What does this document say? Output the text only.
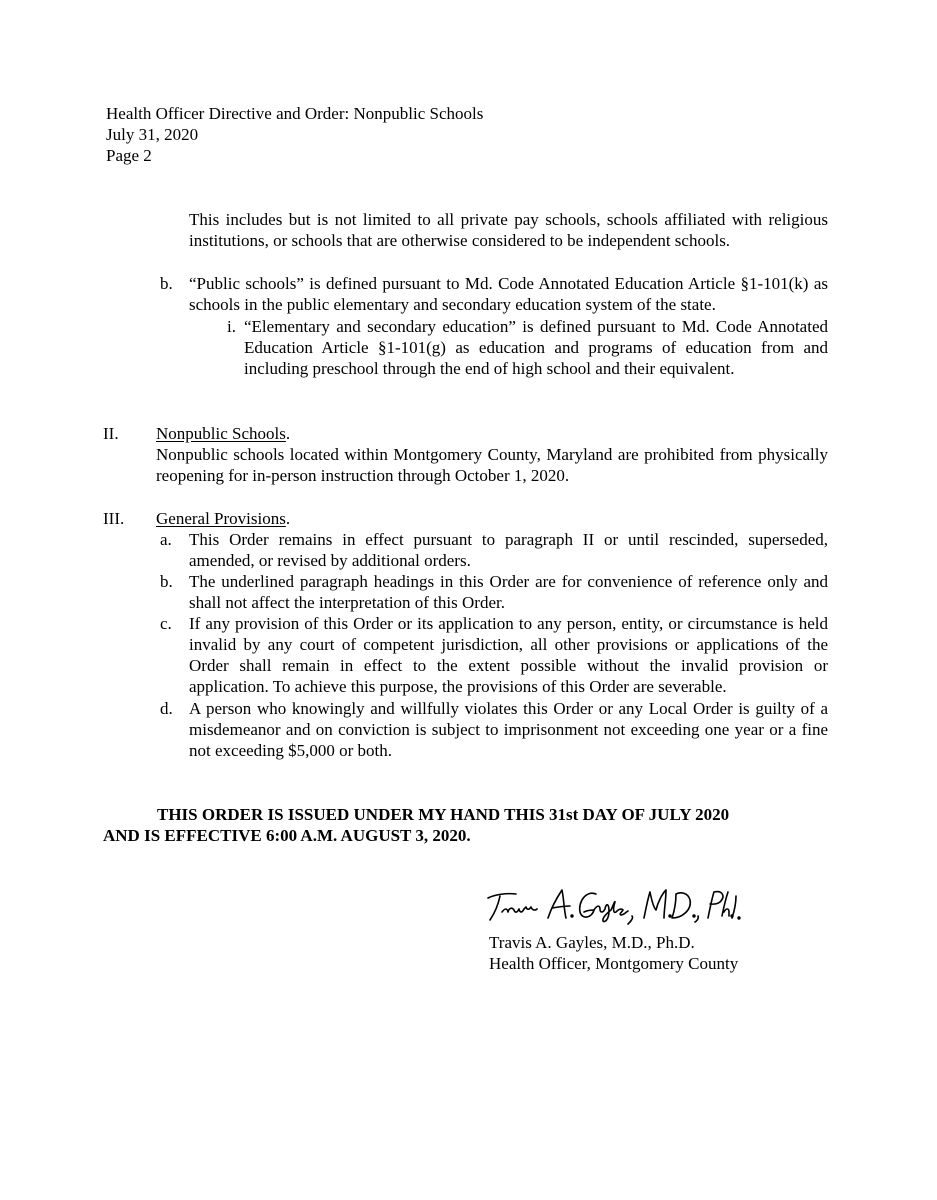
Health Officer Directive and Order: Nonpublic Schools
July 31, 2020
Page 2
This includes but is not limited to all private pay schools, schools affiliated with religious institutions, or schools that are otherwise considered to be independent schools.
b. “Public schools” is defined pursuant to Md. Code Annotated Education Article §1-101(k) as schools in the public elementary and secondary education system of the state.
i. “Elementary and secondary education” is defined pursuant to Md. Code Annotated Education Article §1-101(g) as education and programs of education from and including preschool through the end of high school and their equivalent.
II. Nonpublic Schools.
Nonpublic schools located within Montgomery County, Maryland are prohibited from physically reopening for in-person instruction through October 1, 2020.
III. General Provisions.
a. This Order remains in effect pursuant to paragraph II or until rescinded, superseded, amended, or revised by additional orders.
b. The underlined paragraph headings in this Order are for convenience of reference only and shall not affect the interpretation of this Order.
c. If any provision of this Order or its application to any person, entity, or circumstance is held invalid by any court of competent jurisdiction, all other provisions or applications of the Order shall remain in effect to the extent possible without the invalid provision or application. To achieve this purpose, the provisions of this Order are severable.
d. A person who knowingly and willfully violates this Order or any Local Order is guilty of a misdemeanor and on conviction is subject to imprisonment not exceeding one year or a fine not exceeding $5,000 or both.
THIS ORDER IS ISSUED UNDER MY HAND THIS 31st DAY OF JULY 2020
AND IS EFFECTIVE 6:00 A.M. AUGUST 3, 2020.
Travis A. Gayles, M.D., Ph.D.
Health Officer, Montgomery County
